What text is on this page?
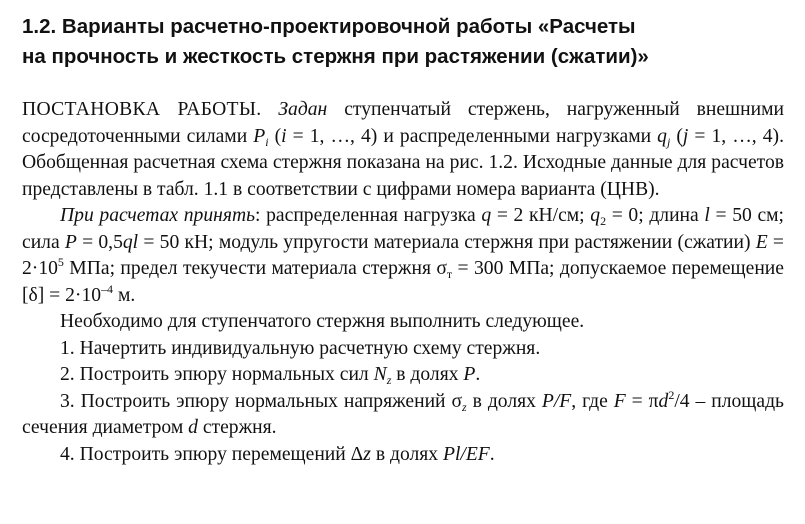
1.2. Варианты расчетно-проектировочной работы «Расчеты
на прочность и жесткость стержня при растяжении (сжатии)»

ПОСТАНОВКА РАБОТЫ. Задан ступенчатый стержень, нагруженный внешними сосредоточенными силами $P_i$ (i = 1, …, 4) и распределенными нагрузками $q_j$ (j = 1, …, 4). Обобщенная расчетная схема стержня показана на рис. 1.2. Исходные данные для расчетов представлены в табл. 1.1 в соответствии с цифрами номера варианта (ЦНВ).

При расчетах принять: распределенная нагрузка q = 2 кН/см; $q_2 = 0$; длина l = 50 см; сила P = 0,5ql = 50 кН; модуль упругости материала стержня при растяжении (сжатии) $E = 2\cdot 10^5$ МПа; предел текучести материала стержня $\sigma_т = 300$ МПа; допускаемое перемещение $[\delta] = 2\cdot 10^{-4}$ м.

Необходимо для ступенчатого стержня выполнить следующее.

1. Начертить индивидуальную расчетную схему стержня.

2. Построить эпюру нормальных сил $N_z$ в долях P.

3. Построить эпюру нормальных напряжений $\sigma_z$ в долях P/F, где $F = \pi d^2/4$ – площадь сечения диаметром d стержня.

4. Построить эпюру перемещений Δz в долях Pl/EF.
